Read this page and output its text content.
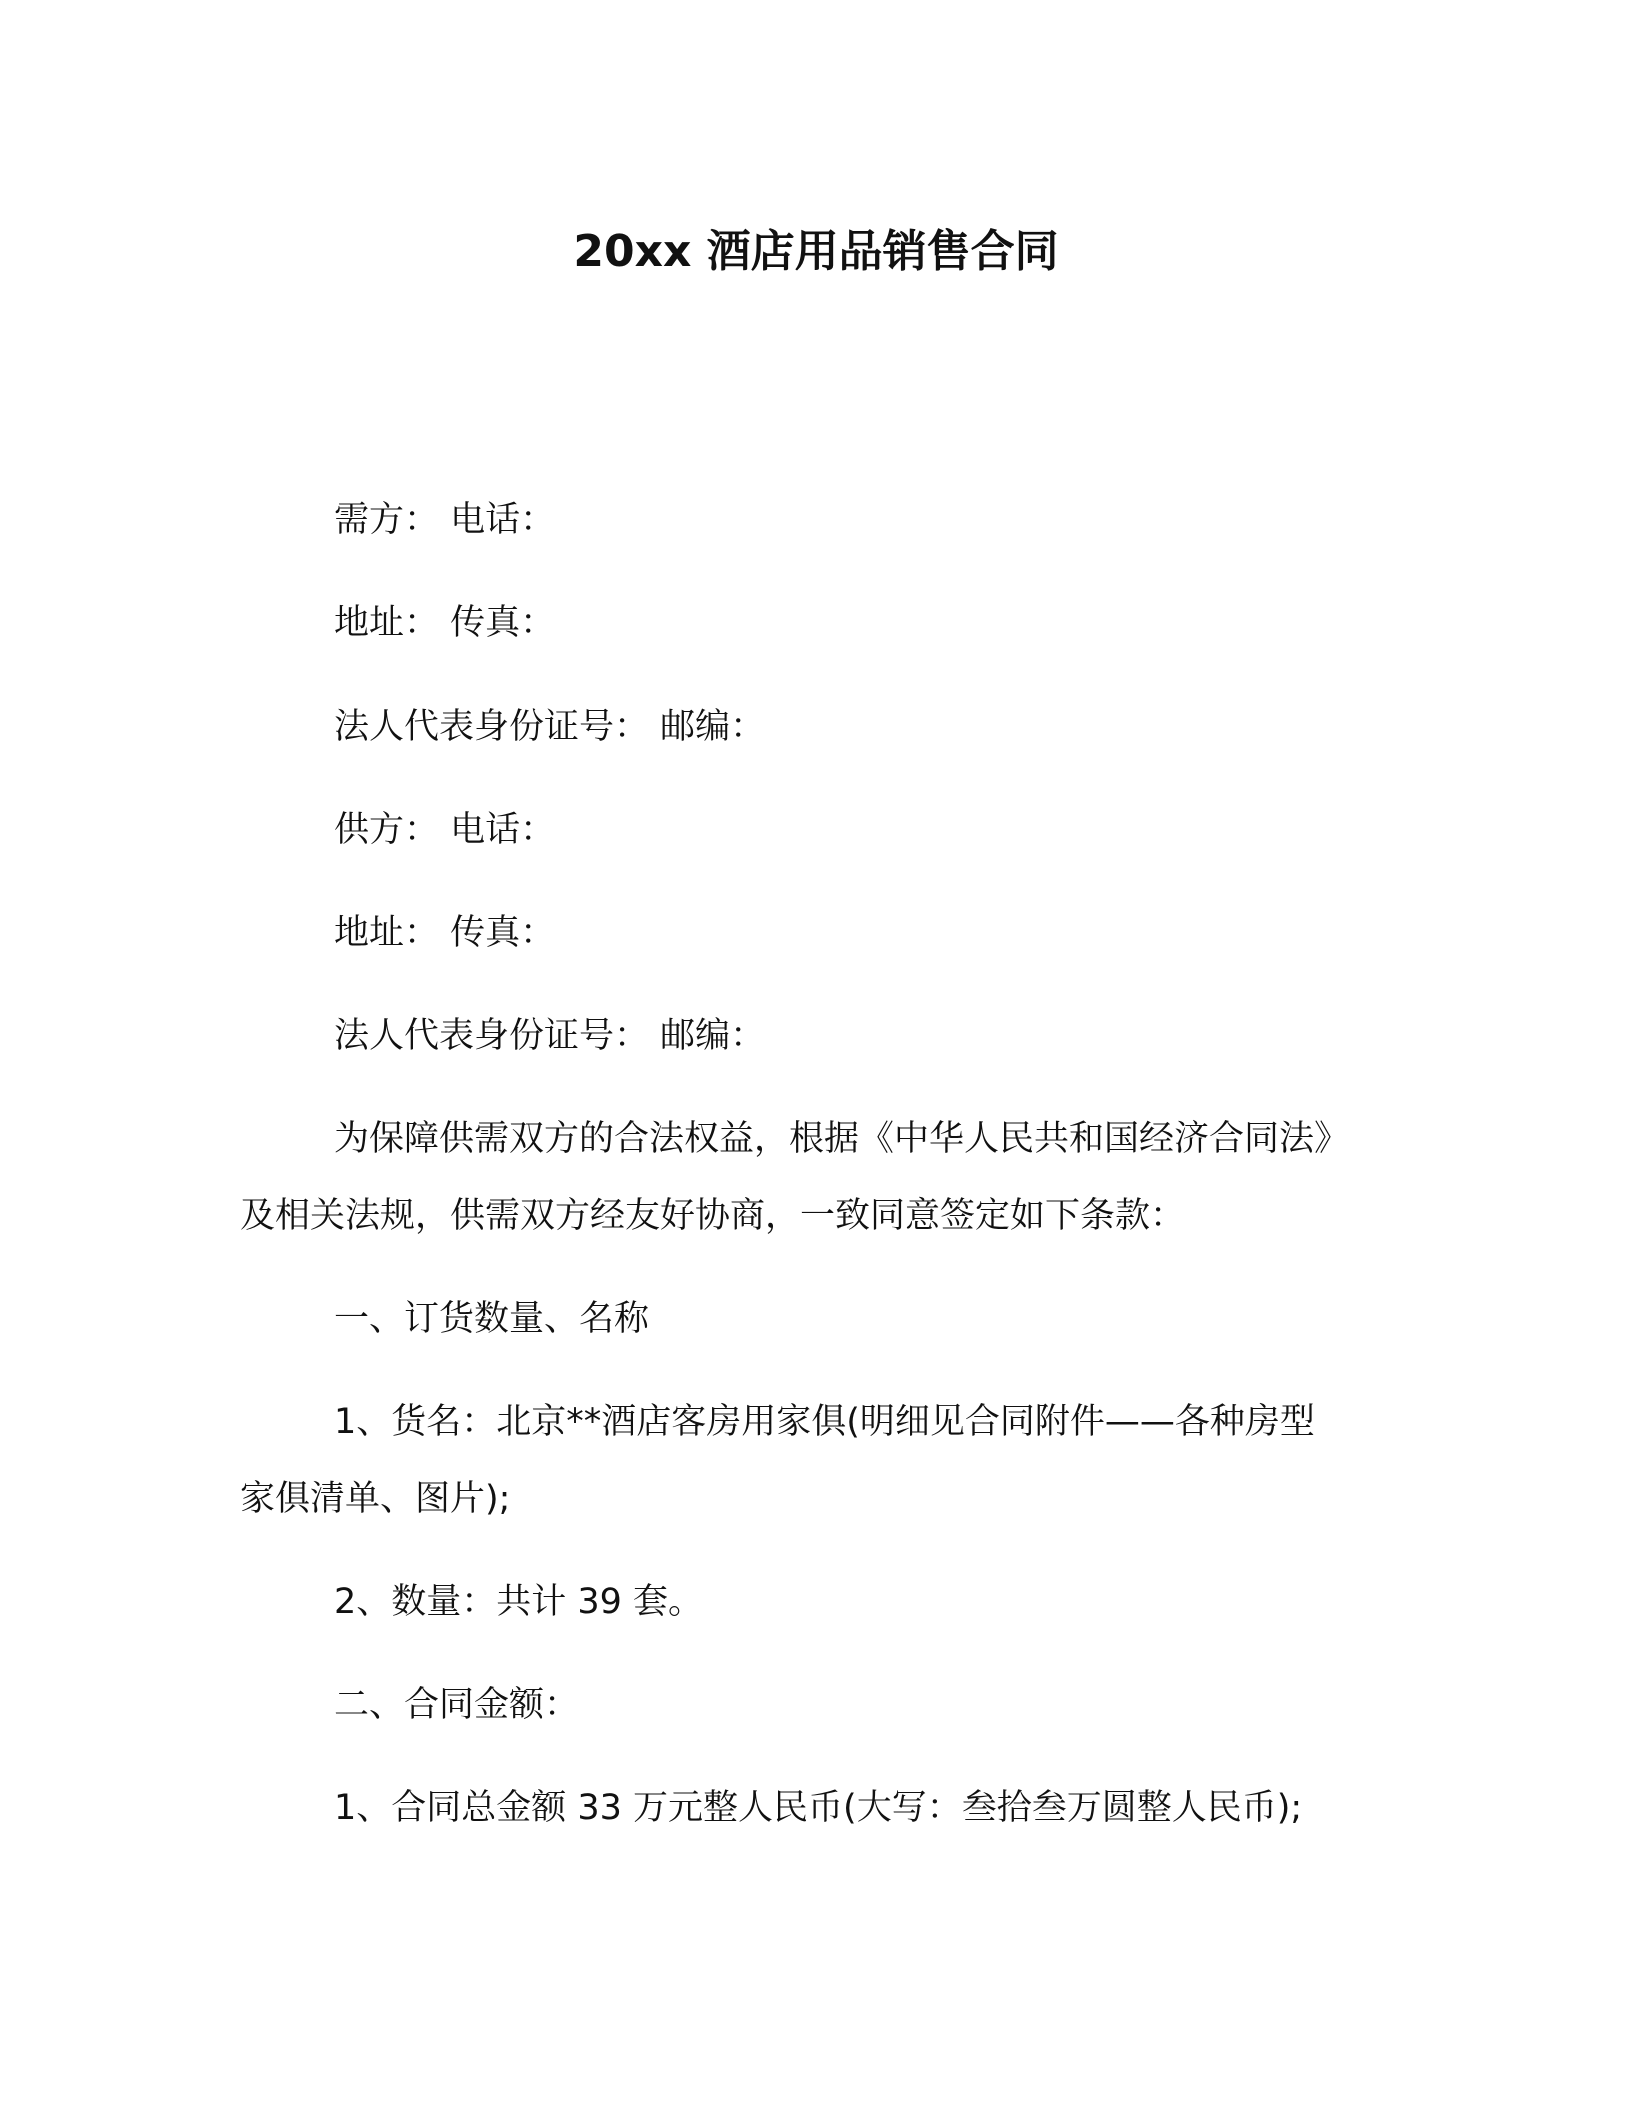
20xx 酒店用品销售合同
需方： 电话：
地址： 传真：
法人代表身份证号： 邮编：
供方： 电话：
地址： 传真：
法人代表身份证号： 邮编：
为保障供需双方的合法权益，根据《中华人民共和国经济合同法》
及相关法规，供需双方经友好协商，一致同意签定如下条款：
一、订货数量、名称
1、货名：北京**酒店客房用家俱(明细见合同附件——各种房型
家俱清单、图片);
2、数量：共计 39 套。
二、合同金额：
1、合同总金额 33 万元整人民币(大写：叁拾叁万圆整人民币);
